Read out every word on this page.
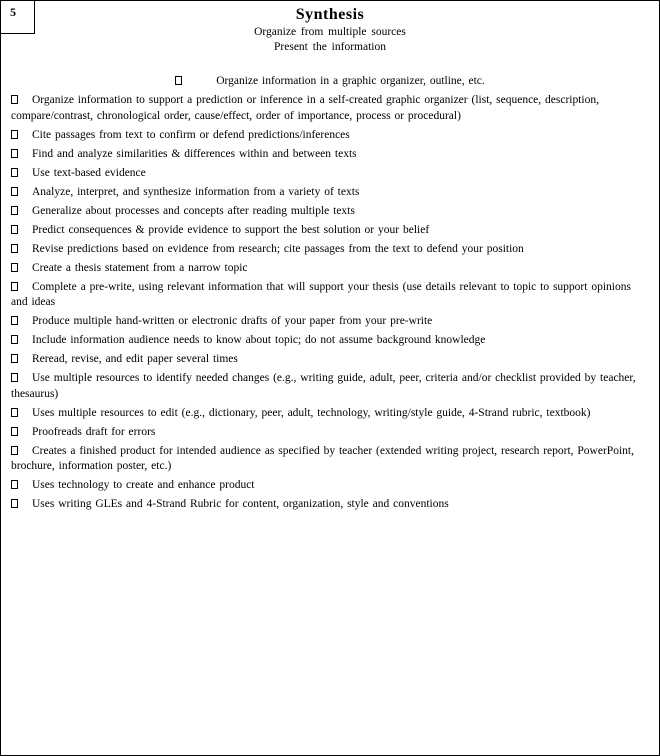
5	Synthesis
Organize from multiple sources
Present the information
Organize information in a graphic organizer, outline, etc.
Organize information to support a prediction or inference in a self-created graphic organizer (list, sequence, description, compare/contrast, chronological order, cause/effect, order of importance, process or procedural)
Cite passages from text to confirm or defend predictions/inferences
Find and analyze similarities & differences within and between texts
Use text-based evidence
Analyze, interpret, and synthesize information from a variety of texts
Generalize about processes and concepts after reading multiple texts
Predict consequences & provide evidence to support the best solution or your belief
Revise predictions based on evidence from research; cite passages from the text to defend your position
Create a thesis statement from a narrow topic
Complete a pre-write, using relevant information that will support your thesis (use details relevant to topic to support opinions and ideas
Produce multiple hand-written or electronic drafts of your paper from your pre-write
Include information audience needs to know about topic; do not assume background knowledge
Reread, revise, and edit paper several times
Use multiple resources to identify needed changes (e.g., writing guide, adult, peer, criteria and/or checklist provided by teacher, thesaurus)
Uses multiple resources to edit (e.g., dictionary, peer, adult, technology, writing/style guide, 4-Strand rubric, textbook)
Proofreads draft for errors
Creates a finished product for intended audience as specified by teacher (extended writing project, research report, PowerPoint, brochure, information poster, etc.)
Uses technology to create and enhance product
Uses writing GLEs and 4-Strand Rubric for content, organization, style and conventions
